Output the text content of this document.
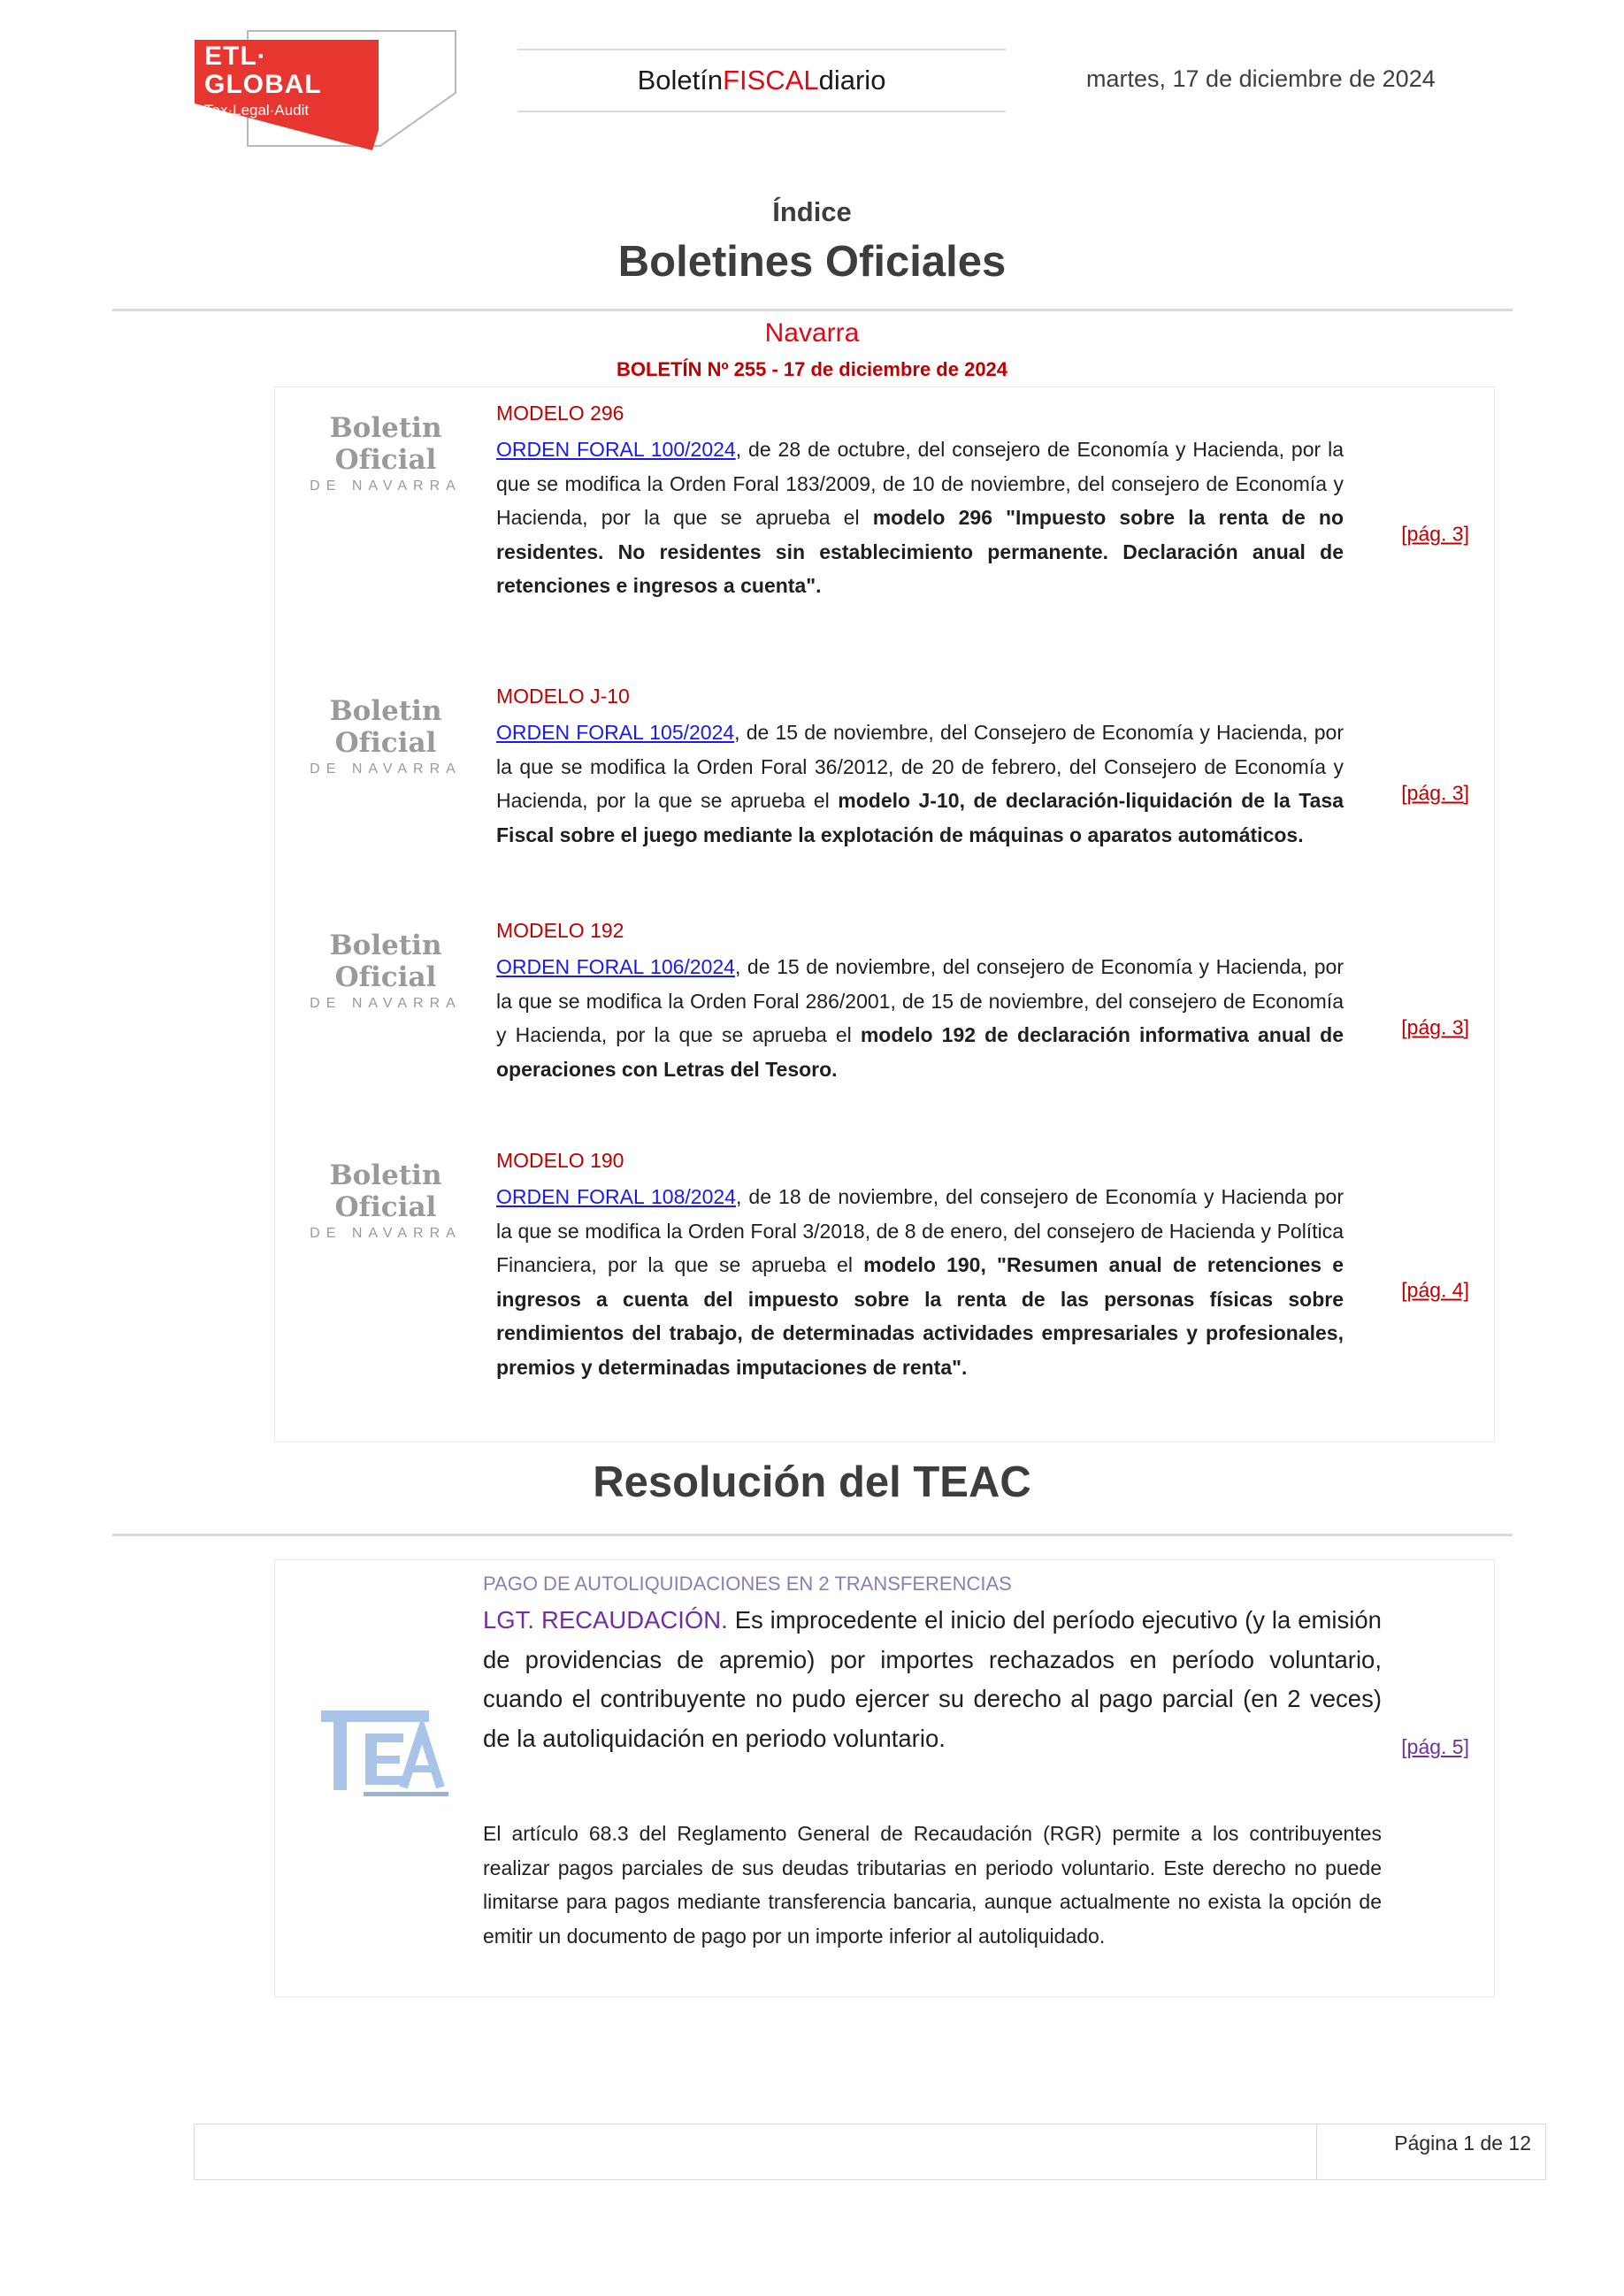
ETL·
GLOBAL
Tax·Legal·Audit
Boletín FISCAL diario	martes, 17 de diciembre de 2024
Índice
Boletines Oficiales
Navarra
BOLETÍN Nº 255 - 17 de diciembre de 2024
Boletin Oficial
DE NAVARRA
MODELO 296

ORDEN FORAL 100/2024, de 28 de octubre, del consejero de Economía y Hacienda, por la que se modifica la Orden Foral 183/2009, de 10 de noviembre, del consejero de Economía y Hacienda, por la que se aprueba el modelo 296 "Impuesto sobre la renta de no residentes. No residentes sin establecimiento permanente. Declaración anual de retenciones e ingresos a cuenta".

[pág. 3]
Boletin Oficial
DE NAVARRA
MODELO J-10

ORDEN FORAL 105/2024, de 15 de noviembre, del Consejero de Economía y Hacienda, por la que se modifica la Orden Foral 36/2012, de 20 de febrero, del Consejero de Economía y Hacienda, por la que se aprueba el modelo J-10, de declaración-liquidación de la Tasa Fiscal sobre el juego mediante la explotación de máquinas o aparatos automáticos.

[pág. 3]
Boletin Oficial
DE NAVARRA
MODELO 192

ORDEN FORAL 106/2024, de 15 de noviembre, del consejero de Economía y Hacienda, por la que se modifica la Orden Foral 286/2001, de 15 de noviembre, del consejero de Economía y Hacienda, por la que se aprueba el modelo 192 de declaración informativa anual de operaciones con Letras del Tesoro.

[pág. 3]
Boletin Oficial
DE NAVARRA
MODELO 190

ORDEN FORAL 108/2024, de 18 de noviembre, del consejero de Economía y Hacienda por la que se modifica la Orden Foral 3/2018, de 8 de enero, del consejero de Hacienda y Política Financiera, por la que se aprueba el modelo 190, "Resumen anual de retenciones e ingresos a cuenta del impuesto sobre la renta de las personas físicas sobre rendimientos del trabajo, de determinadas actividades empresariales y profesionales, premios y determinadas imputaciones de renta".

[pág. 4]
Resolución del TEAC
PAGO DE AUTOLIQUIDACIONES EN 2 TRANSFERENCIAS

LGT. RECAUDACIÓN. Es improcedente el inicio del período ejecutivo (y la emisión de providencias de apremio) por importes rechazados en período voluntario, cuando el contribuyente no pudo ejercer su derecho al pago parcial (en 2 veces) de la autoliquidación en periodo voluntario.	[pág. 5]

El artículo 68.3 del Reglamento General de Recaudación (RGR) permite a los contribuyentes realizar pagos parciales de sus deudas tributarias en periodo voluntario. Este derecho no puede limitarse para pagos mediante transferencia bancaria, aunque actualmente no exista la opción de emitir un documento de pago por un importe inferior al autoliquidado.

Página 1 de 12
